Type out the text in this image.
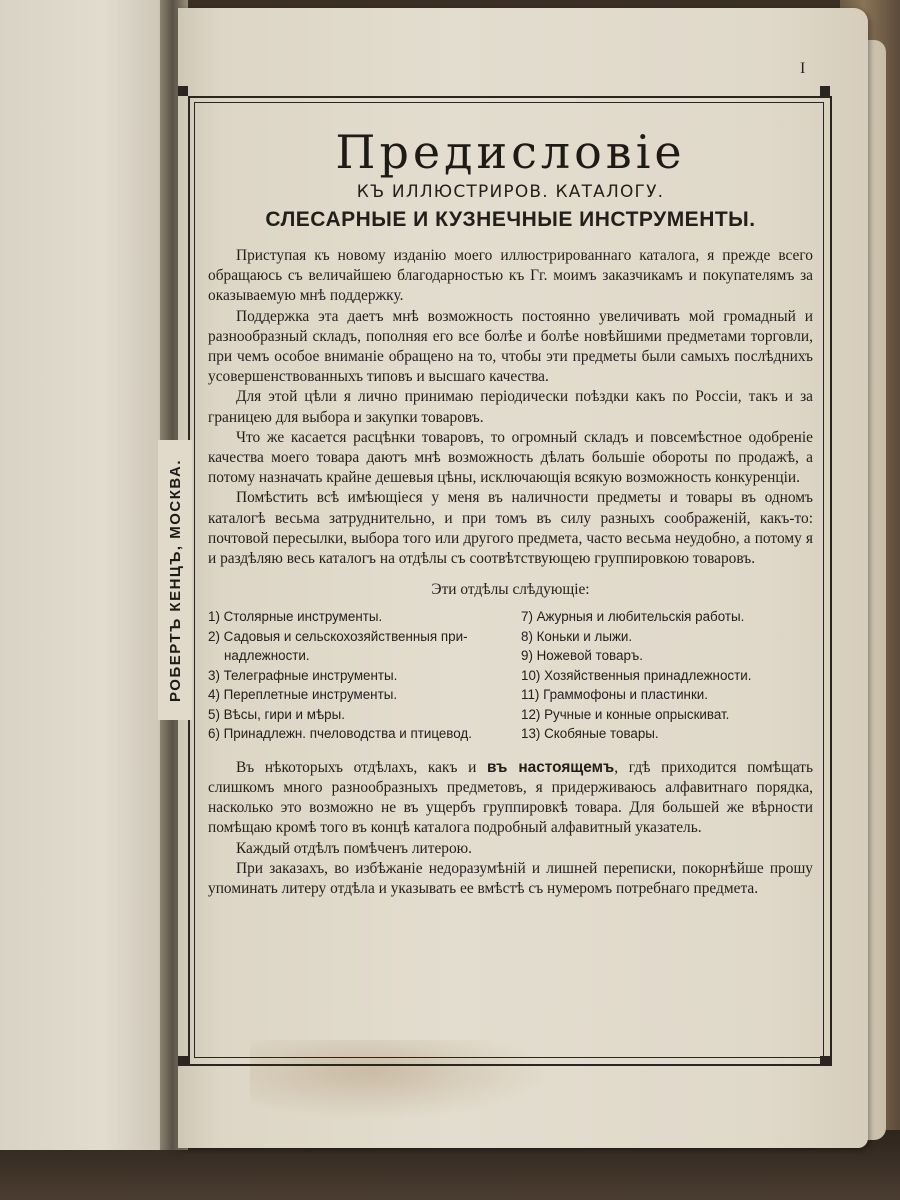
I
РОБЕРТЪ КЕНЦЪ, МОСКВА.
Предисловіе
КЪ ИЛЛЮСТРИРОВ. КАТАЛОГУ.
СЛЕСАРНЫЕ И КУЗНЕЧНЫЕ ИНСТРУМЕНТЫ.

Приступая къ новому изданію моего иллюстрированнаго каталога, я прежде всего обращаюсь съ величайшею благодарностью къ Гг. моимъ заказчикамъ и покупателямъ за оказываемую мнѣ поддержку.

Поддержка эта даетъ мнѣ возможность постоянно увеличивать мой громадный и разнообразный складъ, пополняя его все болѣе и болѣе новѣйшими предметами торговли, при чемъ особое вниманіе обращено на то, чтобы эти предметы были самыхъ послѣднихъ усовершенствованныхъ типовъ и высшаго качества.

Для этой цѣли я лично принимаю періодически поѣздки какъ по Россіи, такъ и за границею для выбора и закупки товаровъ.

Что же касается расцѣнки товаровъ, то огромный складъ и повсемѣстное одобреніе качества моего товара даютъ мнѣ возможность дѣлать большіе обороты по продажѣ, а потому назначать крайне дешевыя цѣны, исключающія всякую возможность конкуренціи.

Помѣстить всѣ имѣющіеся у меня въ наличности предметы и товары въ одномъ каталогѣ весьма затруднительно, и при томъ въ силу разныхъ соображеній, какъ-то: почтовой пересылки, выбора того или другого предмета, часто весьма неудобно, а потому я и раздѣляю весь каталогъ на отдѣлы съ соотвѣтствующею группировкою товаровъ.

Эти отдѣлы слѣдующіе:
1) Столярные инструменты.
2) Садовыя и сельскохозяйственныя при-
надлежности.
3) Телеграфные инструменты.
4) Переплетные инструменты.
5) Вѣсы, гири и мѣры.
6) Принадлежн. пчеловодства и птицевод.
7) Ажурныя и любительскія работы.
8) Коньки и лыжи.
9) Ножевой товаръ.
10) Хозяйственныя принадлежности.
11) Граммофоны и пластинки.
12) Ручные и конные опрыскиват.
13) Скобяные товары.

Въ нѣкоторыхъ отдѣлахъ, какъ и въ настоящемъ, гдѣ приходится помѣщать слишкомъ много разнообразныхъ предметовъ, я придерживаюсь алфавитнаго порядка, насколько это возможно не въ ущербъ группировкѣ товара. Для большей же вѣрности помѣщаю кромѣ того въ концѣ каталога подробный алфавитный указатель.

Каждый отдѣлъ помѣченъ литерою.

При заказахъ, во избѣжаніе недоразумѣній и лишней переписки, покорнѣйше прошу упоминать литеру отдѣла и указывать ее вмѣстѣ съ нумеромъ потребнаго предмета.
